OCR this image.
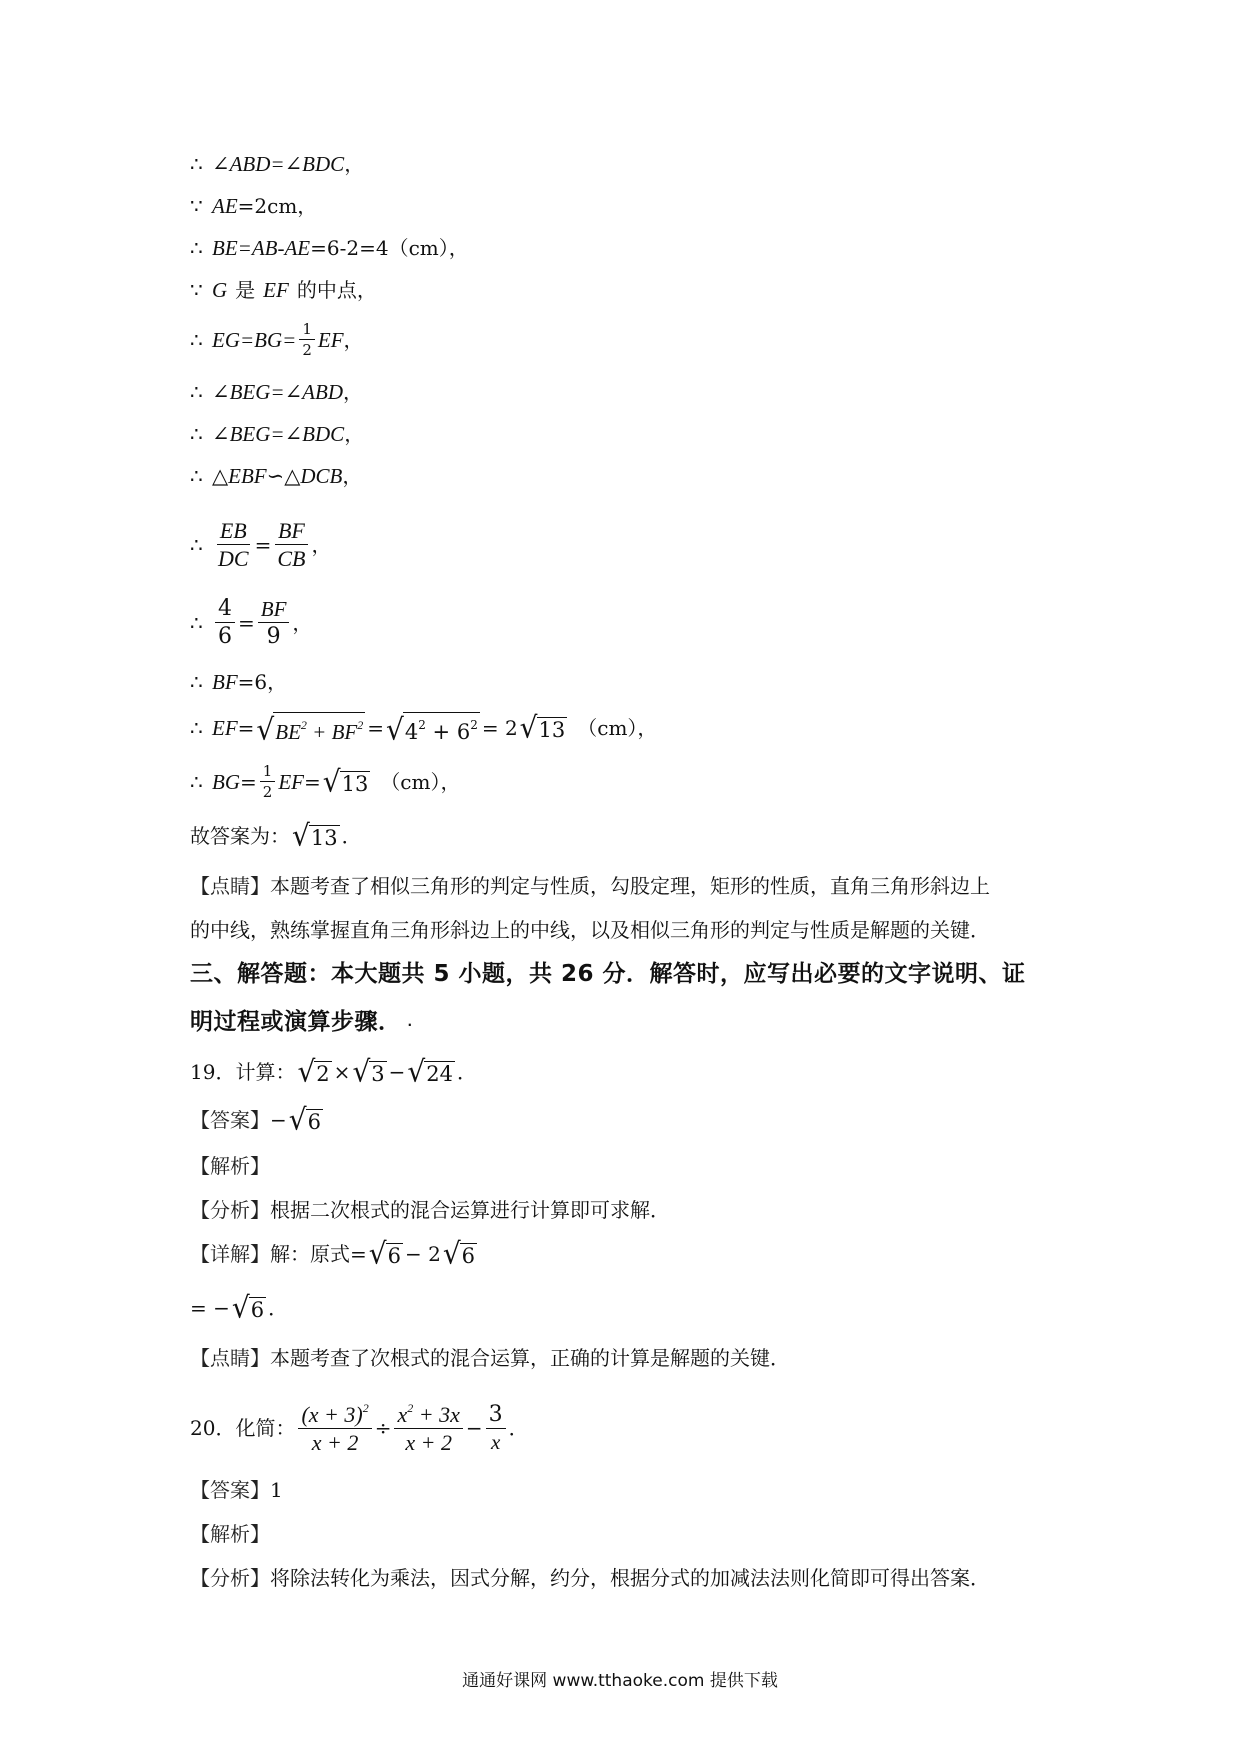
∴ ∠ABD=∠BDC ，
∵ AE =2cm，
∴ BE=AB-AE =6-2=4（cm），
∵ G 是 EF 的中点，
∴ $EG=BG= \frac{1}{2}$ EF ，
∴ ∠BEG=∠ABD ，
∴ ∠BEG=∠BDC ，
∴ △EBF∽△DCB ，
∴ $\frac{EB}{DC} = \frac{BF}{CB}$ ，
∴ $\frac{4}{6} = \frac{BF}{9}$ ，
∴ BF =6，
∴ EF = √ $BE^2 + BF^2$ = √ $4^2 + 6^2 = 2$ √ 13 （cm），
∴ BG = $\frac{1}{2}$ EF = √ 13 （cm），
故答案为： √ 13 ．
【点睛】 本题考查了相似三角形的判定与性质，勾股定理，矩形的性质，直角三角形斜边上
的中线，熟练掌握直角三角形斜边上的中线，以及相似三角形的判定与性质是解题的关键．
三、解答题：本大题共 5 小题，共 26 分．解答时，应写出必要的文字说明、证
明过程或演算步骤． .
19．计算： √ 2 × √ 3 − √ 24 ．
【答案】 − √ 6
【解析】
【分析】 根据二次根式的混合运算进行计算即可求解．
【详解】 解：原式 = √ 6 − 2 √ 6
= − √ 6 ．
【点睛】 本题考查了次根式的混合运算，正确的计算是解题的关键．
20．化简： $\frac{(x + 3)^2}{x + 2} \div \frac{x^2 + 3x}{x + 2} - \frac{3}{x}$ ．
【答案】 1
【解析】
【分析】 将除法转化为乘法，因式分解，约分，根据分式的加减法法则化简即可得出答案．
通通好课网 www.tthaoke.com 提供下载
